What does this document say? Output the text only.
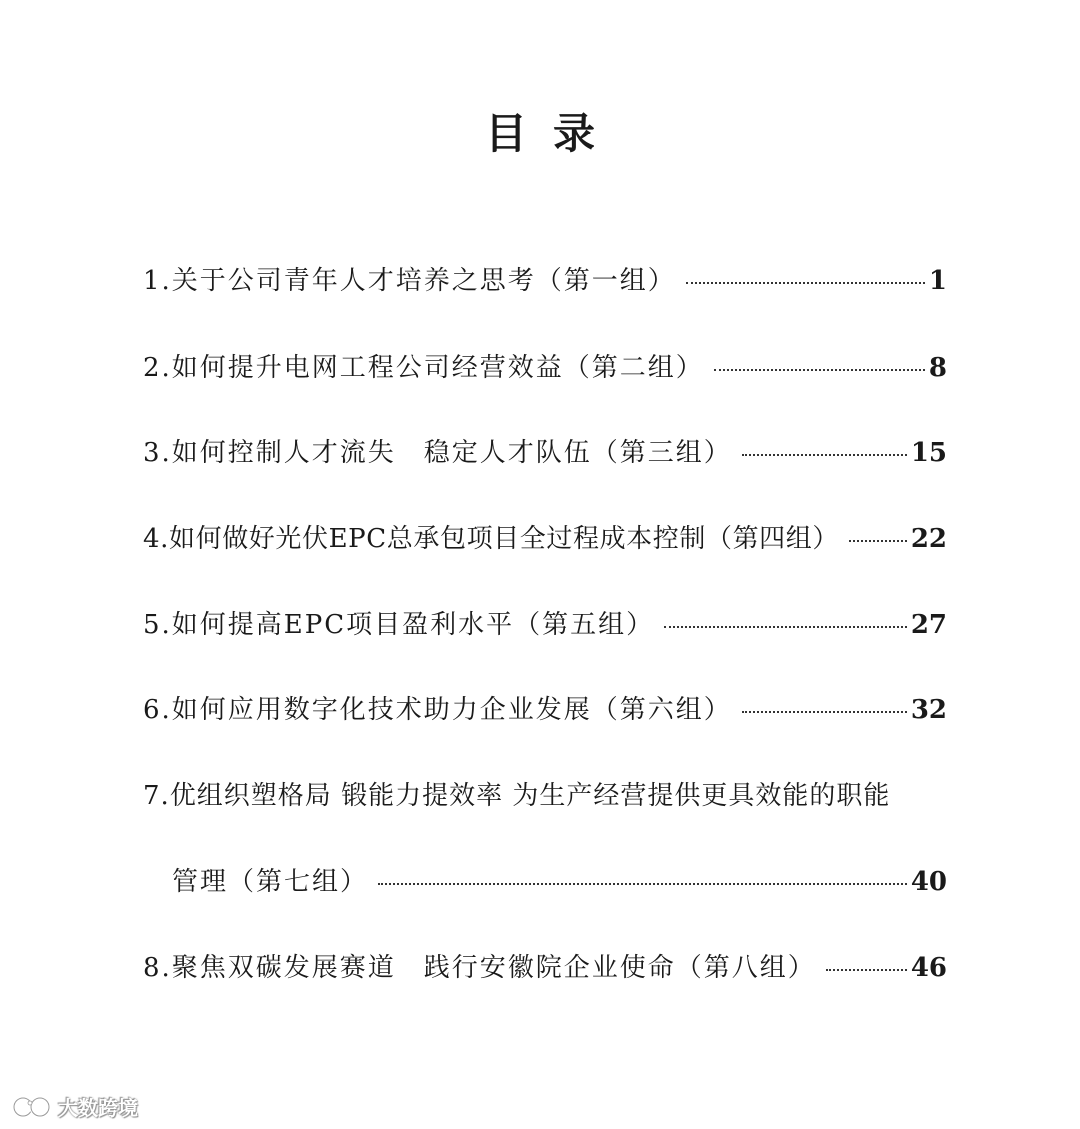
目录
1.关于公司青年人才培养之思考（第一组）	1
2.如何提升电网工程公司经营效益（第二组）	8
3.如何控制人才流失　稳定人才队伍（第三组）	15
4.如何做好光伏EPC总承包项目全过程成本控制（第四组）	22
5.如何提高EPC项目盈利水平（第五组）	27
6.如何应用数字化技术助力企业发展（第六组）	32
7.优组织塑格局 锻能力提效率 为生产经营提供更具效能的职能
管理（第七组）	40
8.聚焦双碳发展赛道　践行安徽院企业使命（第八组）	46
大数跨境
